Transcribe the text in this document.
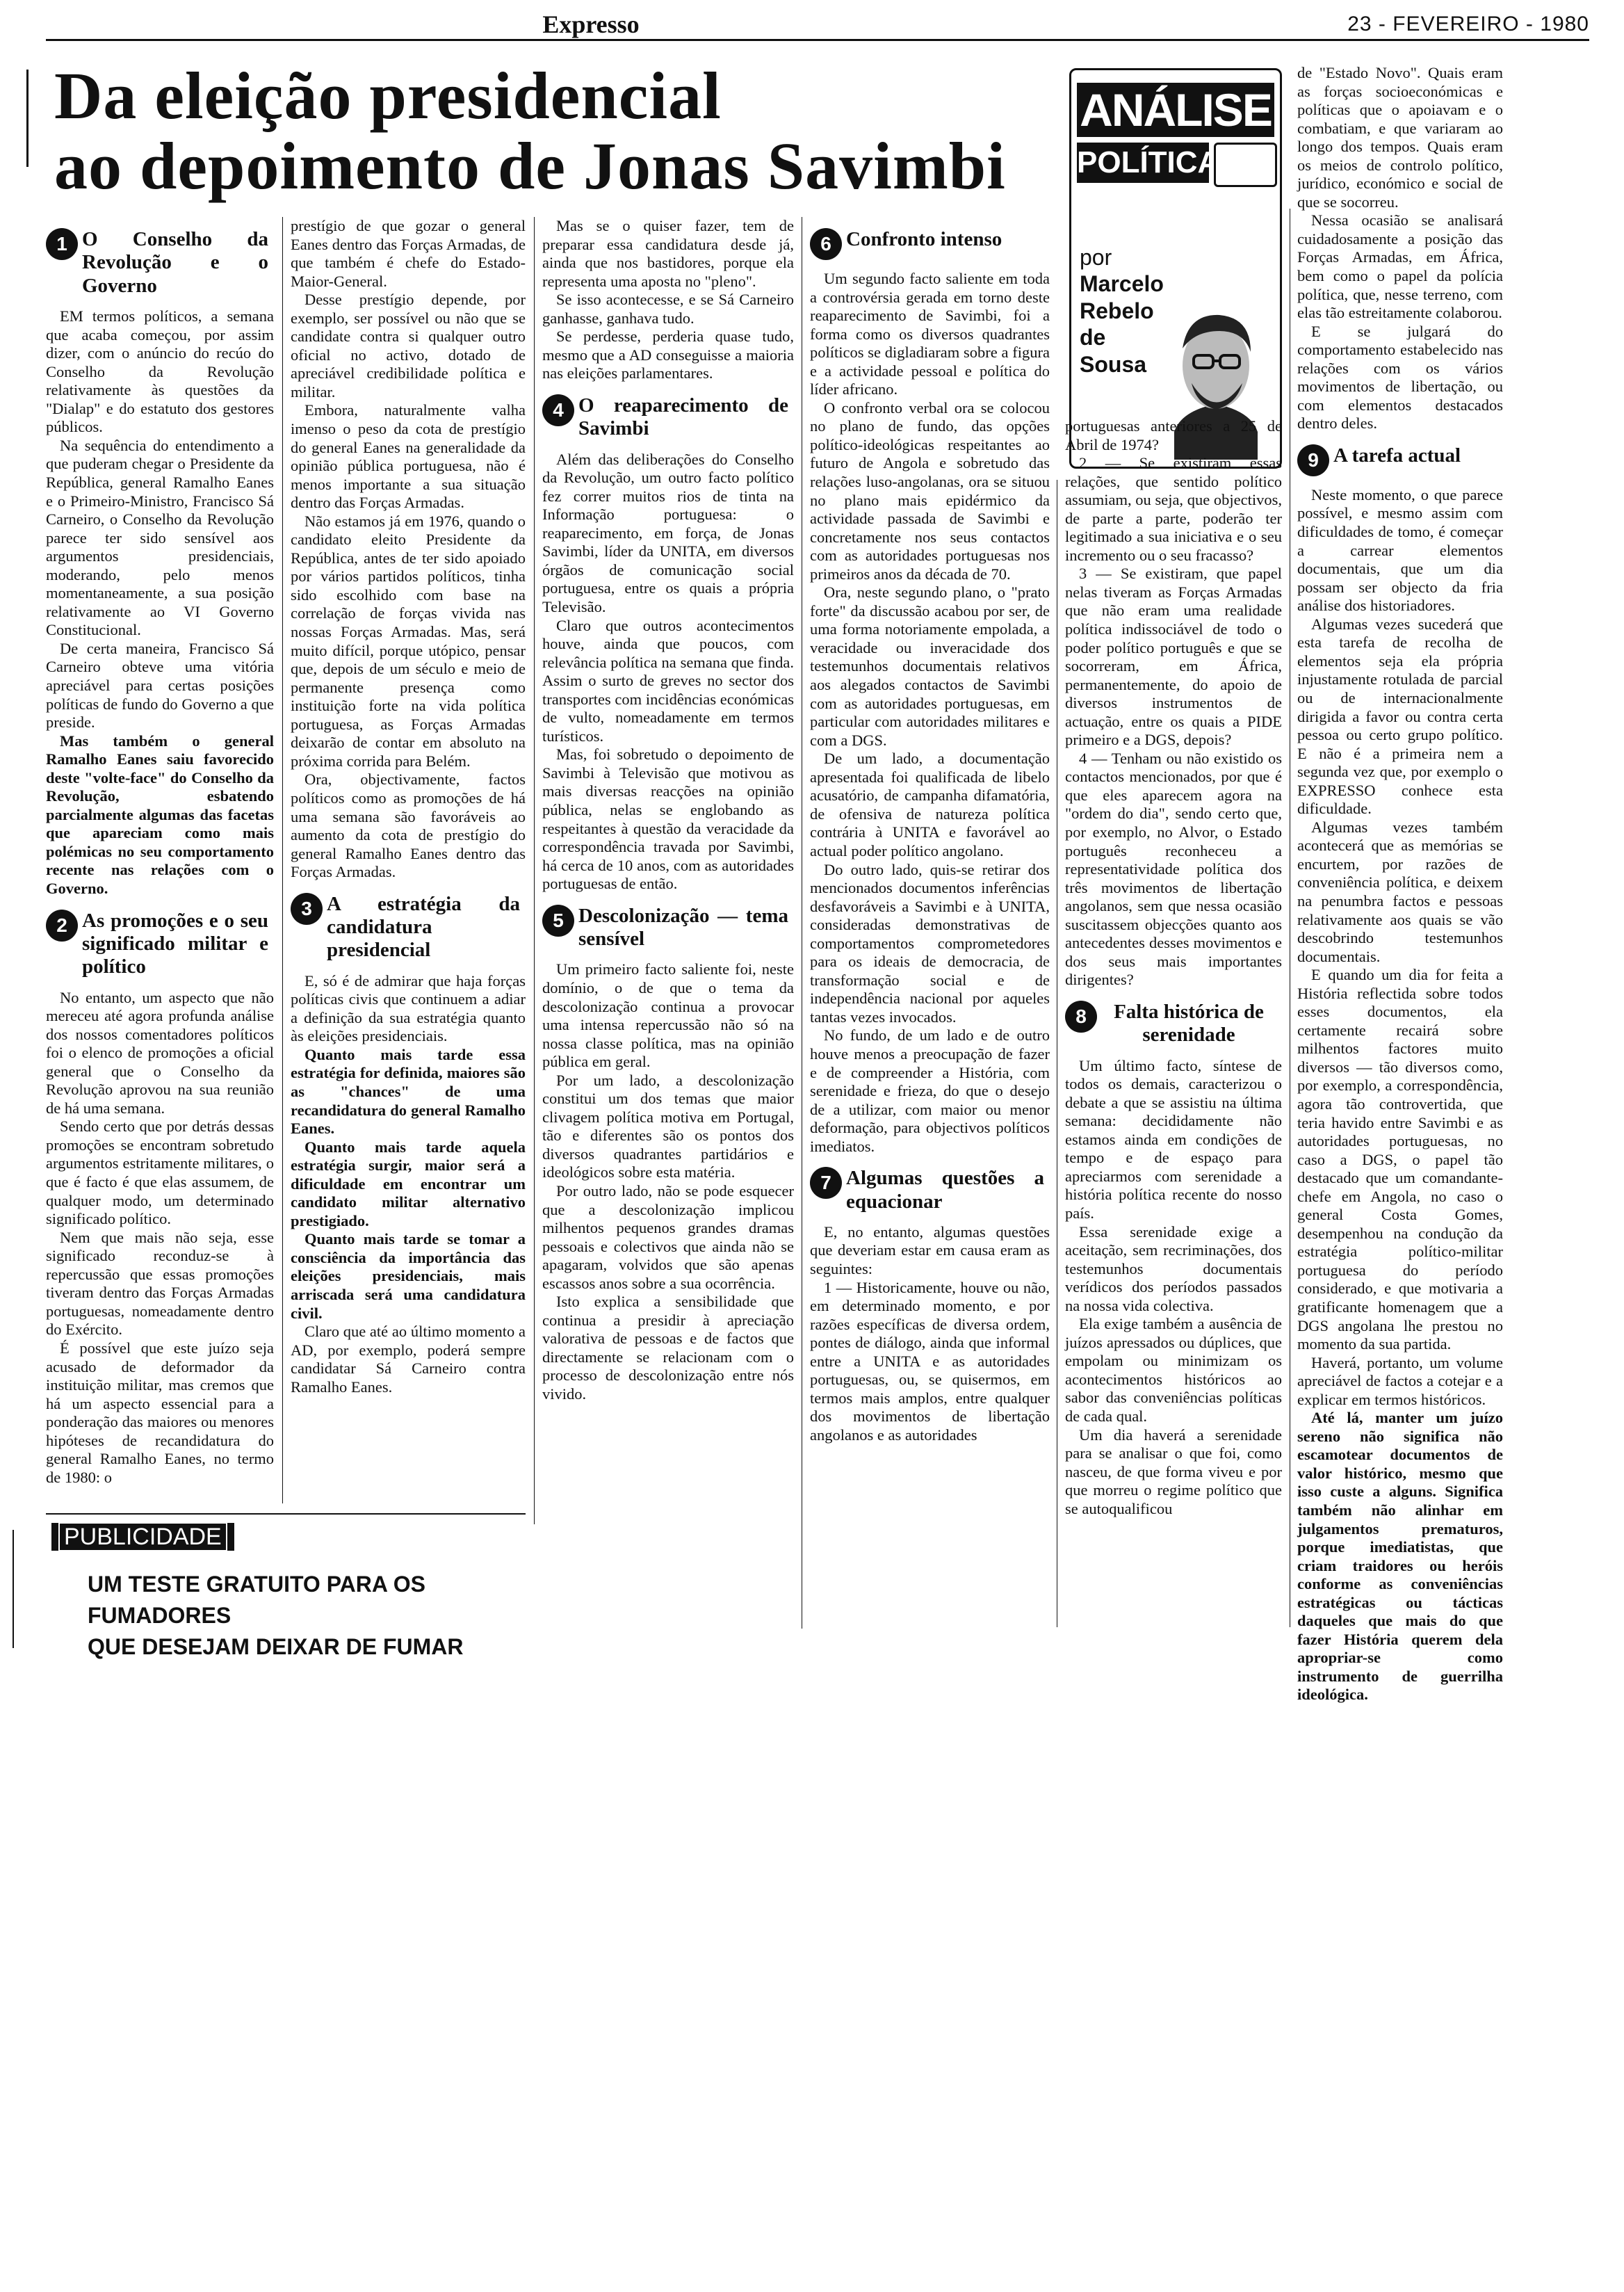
Expresso	23 - FEVEREIRO - 1980
Da eleição presidencial
ao depoimento de Jonas Savimbi
ANÁLISE
POLÍTICA
por
Marcelo
Rebelo
de
Sousa
1 O Conselho da Revolução e o Governo

EM termos políticos, a semana que acaba começou, por assim dizer, com o anúncio do recúo do Conselho da Revolução relativamente às questões da "Dialap" e do estatuto dos gestores públicos.

Na sequência do entendimento a que puderam chegar o Presidente da República, general Ramalho Eanes e o Primeiro-Ministro, Francisco Sá Carneiro, o Conselho da Revolução parece ter sido sensível aos argumentos presidenciais, moderando, pelo menos momentaneamente, a sua posição relativamente ao VI Governo Constitucional.

De certa maneira, Francisco Sá Carneiro obteve uma vitória apreciável para certas posições políticas de fundo do Governo a que preside.

Mas também o general Ramalho Eanes saiu favorecido deste "volte-face" do Conselho da Revolução, esbatendo parcialmente algumas das facetas que apareciam como mais polémicas no seu comportamento recente nas relações com o Governo.

2 As promoções e o seu significado militar e político

No entanto, um aspecto que não mereceu até agora profunda análise dos nossos comentadores políticos foi o elenco de promoções a oficial general que o Conselho da Revolução aprovou na sua reunião de há uma semana.

Sendo certo que por detrás dessas promoções se encontram sobretudo argumentos estritamente militares, o que é facto é que elas assumem, de qualquer modo, um determinado significado político.

Nem que mais não seja, esse significado reconduz-se à repercussão que essas promoções tiveram dentro das Forças Armadas portuguesas, nomeadamente dentro do Exército.

É possível que este juízo seja acusado de deformador da instituição militar, mas cremos que há um aspecto essencial para a ponderação das maiores ou menores hipóteses de recandidatura do general Ramalho Eanes, no termo de 1980: o

prestígio de que gozar o general Eanes dentro das Forças Armadas, de que também é chefe do Estado-Maior-General.

Desse prestígio depende, por exemplo, ser possível ou não que se candidate contra si qualquer outro oficial no activo, dotado de apreciável credibilidade política e militar.

Embora, naturalmente valha imenso o peso da cota de prestígio do general Eanes na generalidade da opinião pública portuguesa, não é menos importante a sua situação dentro das Forças Armadas.

Não estamos já em 1976, quando o candidato eleito Presidente da República, antes de ter sido apoiado por vários partidos políticos, tinha sido escolhido com base na correlação de forças vivida nas nossas Forças Armadas. Mas, será muito difícil, porque utópico, pensar que, depois de um século e meio de permanente presença como instituição forte na vida política portuguesa, as Forças Armadas deixarão de contar em absoluto na próxima corrida para Belém.

Ora, objectivamente, factos políticos como as promoções de há uma semana são favoráveis ao aumento da cota de prestígio do general Ramalho Eanes dentro das Forças Armadas.

3 A estratégia da candidatura presidencial

E, só é de admirar que haja forças políticas civis que continuem a adiar a definição da sua estratégia quanto às eleições presidenciais.

Quanto mais tarde essa estratégia for definida, maiores são as "chances" de uma recandidatura do general Ramalho Eanes.

Quanto mais tarde aquela estratégia surgir, maior será a dificuldade em encontrar um candidato militar alternativo prestigiado.

Quanto mais tarde se tomar a consciência da importância das eleições presidenciais, mais arriscada será uma candidatura civil.

Claro que até ao último momento a AD, por exemplo, poderá sempre candidatar Sá Carneiro contra Ramalho Eanes.

Mas se o quiser fazer, tem de preparar essa candidatura desde já, ainda que nos bastidores, porque ela representa uma aposta no "pleno".

Se isso acontecesse, e se Sá Carneiro ganhasse, ganhava tudo.

Se perdesse, perderia quase tudo, mesmo que a AD conseguisse a maioria nas eleições parlamentares.

4 O reaparecimento de Savimbi

Além das deliberações do Conselho da Revolução, um outro facto político fez correr muitos rios de tinta na Informação portuguesa: o reaparecimento, em força, de Jonas Savimbi, líder da UNITA, em diversos órgãos de comunicação social portuguesa, entre os quais a própria Televisão.

Claro que outros acontecimentos houve, ainda que poucos, com relevância política na semana que finda. Assim o surto de greves no sector dos transportes com incidências económicas de vulto, nomeadamente em termos turísticos.

Mas, foi sobretudo o depoimento de Savimbi à Televisão que motivou as mais diversas reacções na opinião pública, nelas se englobando as respeitantes à questão da veracidade da correspondência travada por Savimbi, há cerca de 10 anos, com as autoridades portuguesas de então.

5 Descolonização — tema sensível

Um primeiro facto saliente foi, neste domínio, o de que o tema da descolonização continua a provocar uma intensa repercussão não só na nossa classe política, mas na opinião pública em geral.

Por um lado, a descolonização constitui um dos temas que maior clivagem política motiva em Portugal, tão e diferentes são os pontos dos diversos quadrantes partidários e ideológicos sobre esta matéria.

Por outro lado, não se pode esquecer que a descolonização implicou milhentos pequenos grandes dramas pessoais e colectivos que ainda não se apagaram, volvidos que são apenas escassos anos sobre a sua ocorrência.

Isto explica a sensibilidade que continua a presidir à apreciação valorativa de pessoas e de factos que directamente se relacionam com o processo de descolonização entre nós vivido.

6 Confronto intenso

Um segundo facto saliente em toda a controvérsia gerada em torno deste reaparecimento de Savimbi, foi a forma como os diversos quadrantes políticos se digladiaram sobre a figura e a actividade pessoal e política do líder africano.

O confronto verbal ora se colocou no plano de fundo, das opções político-ideológicas respeitantes ao futuro de Angola e sobretudo das relações luso-angolanas, ora se situou no plano mais epidérmico da actividade passada de Savimbi e concretamente nos seus contactos com as autoridades portuguesas nos primeiros anos da década de 70.

Ora, neste segundo plano, o "prato forte" da discussão acabou por ser, de uma forma notoriamente empolada, a veracidade ou inveracidade dos testemunhos documentais relativos aos alegados contactos de Savimbi com as autoridades portuguesas, em particular com autoridades militares e com a DGS.

De um lado, a documentação apresentada foi qualificada de libelo acusatório, de campanha difamatória, de ofensiva de natureza política contrária à UNITA e favorável ao actual poder político angolano.

Do outro lado, quis-se retirar dos mencionados documentos inferências desfavoráveis a Savimbi e à UNITA, consideradas demonstrativas de comportamentos comprometedores para os ideais de democracia, de transformação social e de independência nacional por aqueles tantas vezes invocados.

No fundo, de um lado e de outro houve menos a preocupação de fazer e de compreender a História, com serenidade e frieza, do que o desejo de a utilizar, com maior ou menor deformação, para objectivos políticos imediatos.

7 Algumas questões a equacionar

E, no entanto, algumas questões que deveriam estar em causa eram as seguintes:

1 — Historicamente, houve ou não, em determinado momento, e por razões específicas de diversa ordem, pontes de diálogo, ainda que informal entre a UNITA e as autoridades portuguesas, ou, se quisermos, em termos mais amplos, entre qualquer dos movimentos de libertação angolanos e as autoridades

portuguesas anteriores a 25 de Abril de 1974?

2 — Se existiram essas relações, que sentido político assumiam, ou seja, que objectivos, de parte a parte, poderão ter legitimado a sua iniciativa e o seu incremento ou o seu fracasso?

3 — Se existiram, que papel nelas tiveram as Forças Armadas que não eram uma realidade política indissociável de todo o poder político português e que se socorreram, em África, permanentemente, do apoio de diversos instrumentos de actuação, entre os quais a PIDE primeiro e a DGS, depois?

4 — Tenham ou não existido os contactos mencionados, por que é que eles aparecem agora na "ordem do dia", sendo certo que, por exemplo, no Alvor, o Estado português reconheceu a representatividade política dos três movimentos de libertação angolanos, sem que nessa ocasião suscitassem objecções quanto aos antecedentes desses movimentos e dos seus mais importantes dirigentes?

8 Falta histórica de serenidade

Um último facto, síntese de todos os demais, caracterizou o debate a que se assistiu na última semana: decididamente não estamos ainda em condições de tempo e de espaço para apreciarmos com serenidade a história política recente do nosso país.

Essa serenidade exige a aceitação, sem recriminações, dos testemunhos documentais verídicos dos períodos passados na nossa vida colectiva.

Ela exige também a ausência de juízos apressados ou dúplices, que empolam ou minimizam os acontecimentos históricos ao sabor das conveniências políticas de cada qual.

Um dia haverá a serenidade para se analisar o que foi, como nasceu, de que forma viveu e por que morreu o regime político que se autoqualificou

de "Estado Novo". Quais eram as forças socioeconómicas e políticas que o apoiavam e o combatiam, e que variaram ao longo dos tempos. Quais eram os meios de controlo político, jurídico, económico e social de que se socorreu.

Nessa ocasião se analisará cuidadosamente a posição das Forças Armadas, em África, bem como o papel da polícia política, que, nesse terreno, com elas tão estreitamente colaborou.

E se julgará do comportamento estabelecido nas relações com os vários movimentos de libertação, ou com elementos destacados dentro deles.

9 A tarefa actual

Neste momento, o que parece possível, e mesmo assim com dificuldades de tomo, é começar a carrear elementos documentais, que um dia possam ser objecto da fria análise dos historiadores.

Algumas vezes sucederá que esta tarefa de recolha de elementos seja ela própria injustamente rotulada de parcial ou de internacionalmente dirigida a favor ou contra certa pessoa ou certo grupo político. E não é a primeira nem a segunda vez que, por exemplo o EXPRESSO conhece esta dificuldade.

Algumas vezes também acontecerá que as memórias se encurtem, por razões de conveniência política, e deixem na penumbra factos e pessoas relativamente aos quais se vão descobrindo testemunhos documentais.

E quando um dia for feita a História reflectida sobre todos esses documentos, ela certamente recairá sobre milhentos factores muito diversos — tão diversos como, por exemplo, a correspondência, agora tão controvertida, que teria havido entre Savimbi e as autoridades portuguesas, no caso a DGS, o papel tão destacado que um comandante-chefe em Angola, no caso o general Costa Gomes, desempenhou na condução da estratégia político-militar portuguesa do período considerado, e que motivaria a gratificante homenagem que a DGS angolana lhe prestou no momento da sua partida.

Haverá, portanto, um volume apreciável de factos a cotejar e a explicar em termos históricos.

Até lá, manter um juízo sereno não significa não escamotear documentos de valor histórico, mesmo que isso custe a alguns. Significa também não alinhar em julgamentos prematuros, porque imediatistas, que criam traidores ou heróis conforme as conveniências estratégicas ou tácticas daqueles que mais do que fazer História querem dela apropriar-se como instrumento de guerrilha ideológica.

PUBLICIDADE
UM TESTE GRATUITO PARA OS FUMADORES
QUE DESEJAM DEIXAR DE FUMAR
